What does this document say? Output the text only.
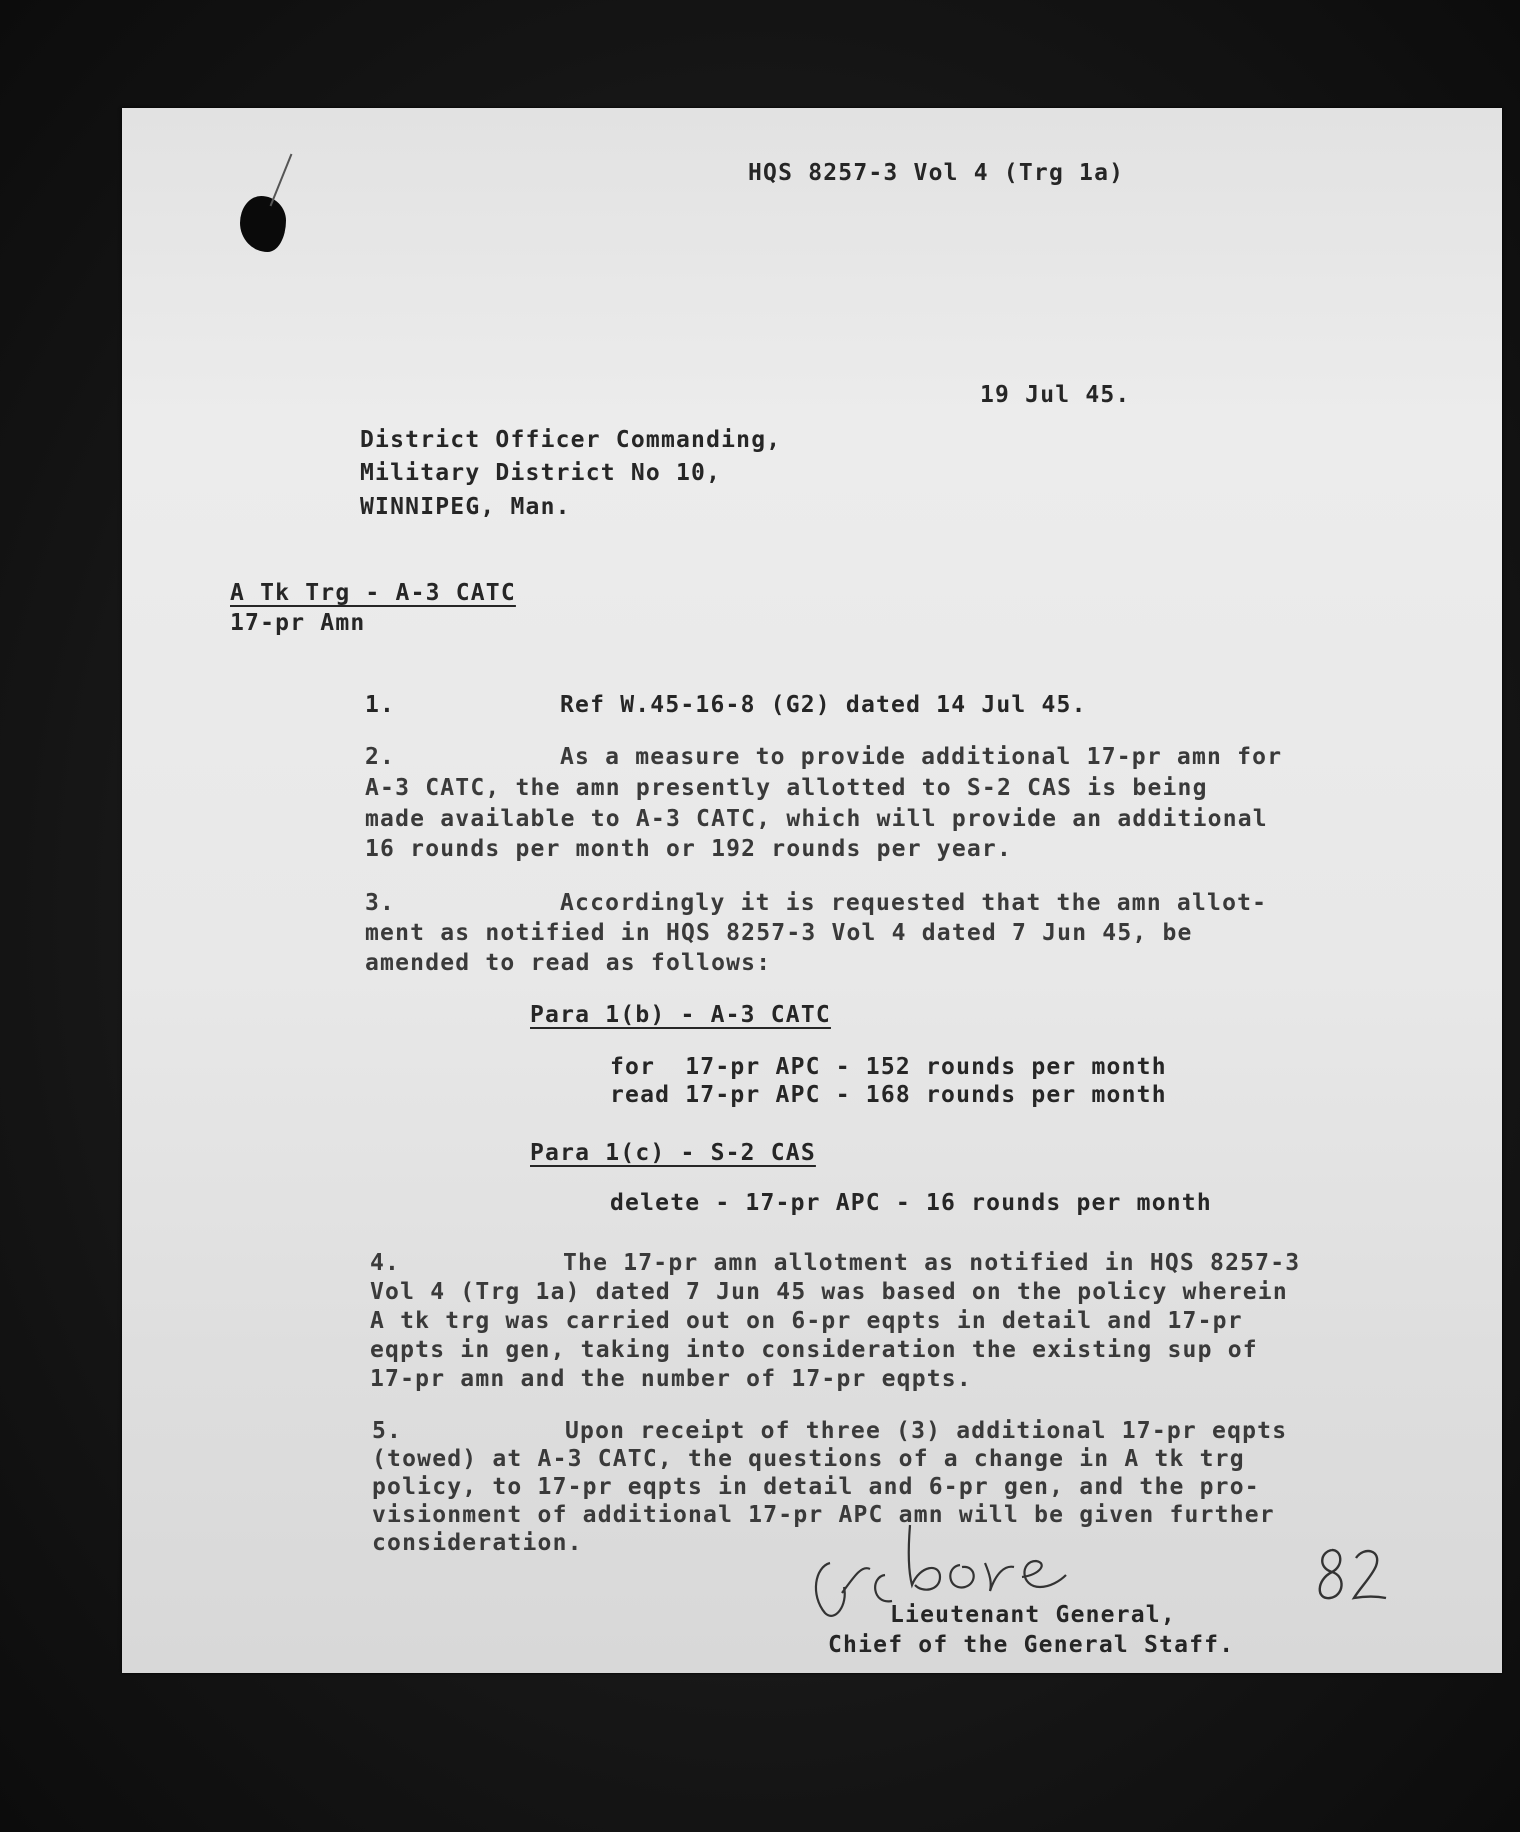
HQS 8257-3 Vol 4 (Trg 1a)
19 Jul 45.
District Officer Commanding,
Military District No 10,
WINNIPEG, Man.
A Tk Trg - A-3 CATC
17-pr Amn
1.	Ref W.45-16-8 (G2) dated 14 Jul 45.
2.	As a measure to provide additional 17-pr amn for
A-3 CATC, the amn presently allotted to S-2 CAS is being
made available to A-3 CATC, which will provide an additional
16 rounds per month or 192 rounds per year.
3.	Accordingly it is requested that the amn allot-
ment as notified in HQS 8257-3 Vol 4 dated 7 Jun 45, be
amended to read as follows:
Para 1(b) - A-3 CATC
for  17-pr APC - 152 rounds per month
read 17-pr APC - 168 rounds per month
Para 1(c) - S-2 CAS
delete - 17-pr APC - 16 rounds per month
4.	The 17-pr amn allotment as notified in HQS 8257-3
Vol 4 (Trg 1a) dated 7 Jun 45 was based on the policy wherein
A tk trg was carried out on 6-pr eqpts in detail and 17-pr
eqpts in gen, taking into consideration the existing sup of
17-pr amn and the number of 17-pr eqpts.
5.	Upon receipt of three (3) additional 17-pr eqpts
(towed) at A-3 CATC, the questions of a change in A tk trg
policy, to 17-pr eqpts in detail and 6-pr gen, and the pro-
visionment of additional 17-pr APC amn will be given further
consideration.
Lieutenant General,
Chief of the General Staff.
